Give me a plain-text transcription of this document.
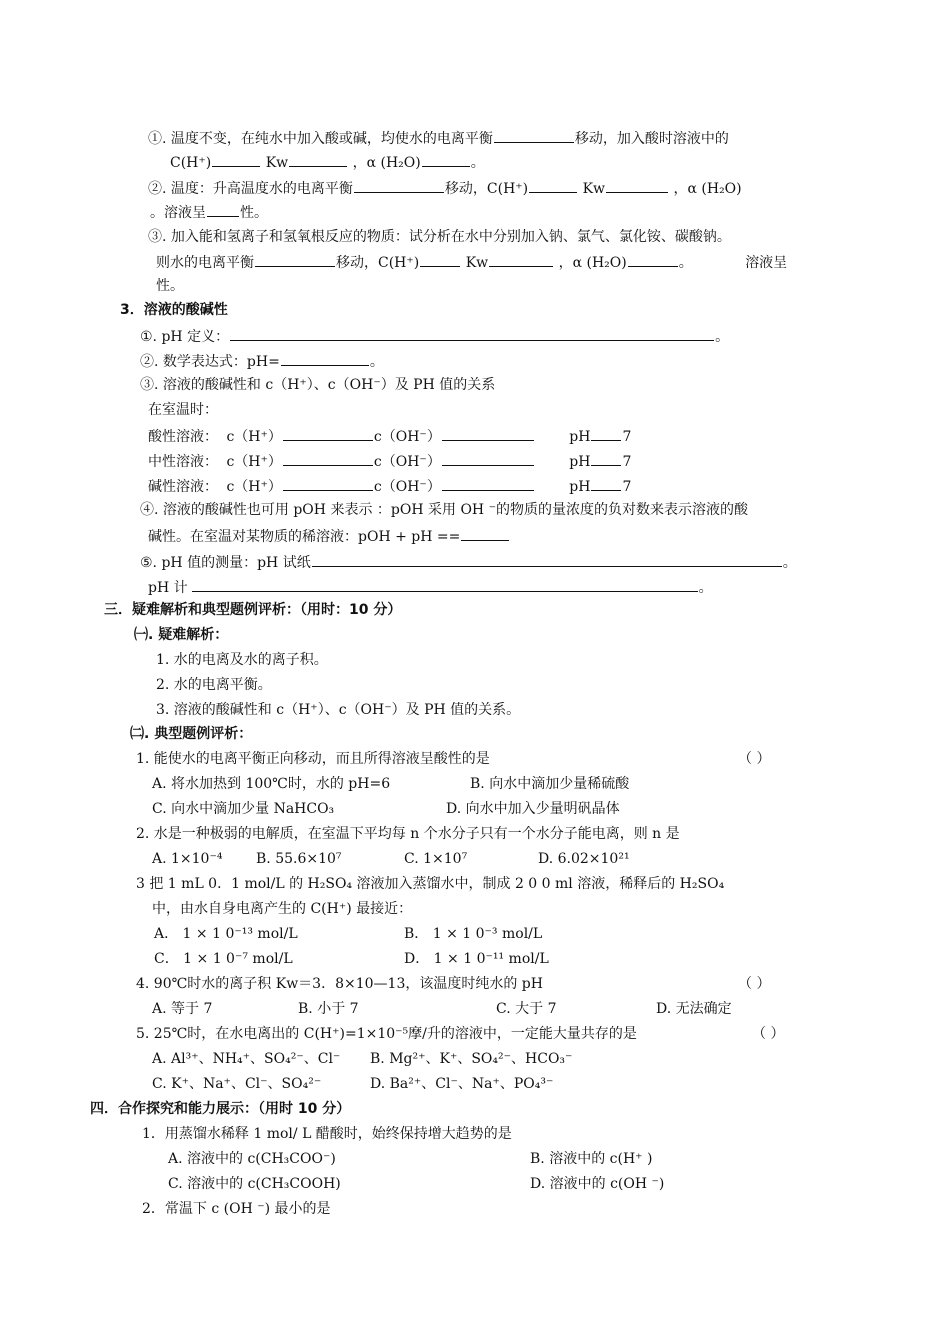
①. 温度不变，在纯水中加入酸或碱，均使水的电离平衡	移动，加入酸时溶液中的
C(H⁺)	Kw	，α (H₂O)	。
②. 温度：升高温度水的电离平衡	移动，C(H⁺)	Kw	，α (H₂O)
。溶液呈 性。
③. 加入能和氢离子和氢氧根反应的物质：试分析在水中分别加入钠、氯气、氯化铵、碳酸钠。
则水的电离平衡	移动，C(H⁺)	Kw	，α (H₂O)	。	溶液呈
性。
3．溶液的酸碱性
①. pH 定义：	。
②. 数学表达式：pH=	。
③. 溶液的酸碱性和 c（H⁺）、c（OH⁻）及 PH 值的关系
在室温时：
酸性溶液： c（H⁺）	c（OH⁻）	pH 7
中性溶液： c（H⁺）	c（OH⁻）	pH 7
碱性溶液： c（H⁺）	c（OH⁻）	pH 7
④. 溶液的酸碱性也可用 pOH 来表示 ：pOH 采用 OH ⁻的物质的量浓度的负对数来表示溶液的酸
碱性。在室温对某物质的稀溶液：pOH + pH ==
⑤. pH 值的测量：pH 试纸	。
pH 计	。
三．疑难解析和典型题例评析：（用时：10 分）
㈠. 疑难解析：
1. 水的电离及水的离子积。
2. 水的电离平衡。
3. 溶液的酸碱性和 c（H⁺）、c（OH⁻）及 PH 值的关系。
㈡. 典型题例评析：
1. 能使水的电离平衡正向移动，而且所得溶液呈酸性的是	（ ）
A. 将水加热到 100℃时，水的 pH=6	B. 向水中滴加少量稀硫酸
C. 向水中滴加少量 NaHCO₃	D. 向水中加入少量明矾晶体
2. 水是一种极弱的电解质，在室温下平均每 n 个水分子只有一个水分子能电离，则 n 是
A. 1×10⁻⁴ B. 55.6×10⁷	C. 1×10⁷	D. 6.02×10²¹
3 把 1 mL 0．1 mol/L 的 H₂SO₄ 溶液加入蒸馏水中，制成 2 0 0 ml 溶液，稀释后的 H₂SO₄
中，由水自身电离产生的 C(H⁺) 最接近：
A． 1 × 1 0⁻¹³ mol/L	B． 1 × 1 0⁻³ mol/L
C． 1 × 1 0⁻⁷ mol/L	D． 1 × 1 0⁻¹¹ mol/L
4. 90℃时水的离子积 Kw＝3．8×10—13，该温度时纯水的 pH	（ ）
A. 等于 7	B. 小于 7	C. 大于 7	D. 无法确定
5. 25℃时，在水电离出的 C(H⁺)=1×10⁻⁵摩/升的溶液中，一定能大量共存的是	（ ）
A. Al³⁺、NH₄⁺、SO₄²⁻、Cl⁻ B. Mg²⁺、K⁺、SO₄²⁻、HCO₃⁻
C. K⁺、Na⁺、Cl⁻、SO₄²⁻	D. Ba²⁺、Cl⁻、Na⁺、PO₄³⁻
四．合作探究和能力展示：（用时 10 分）
1．用蒸馏水稀释 1 mol/ L 醋酸时，始终保持增大趋势的是
A. 溶液中的 c(CH₃COO⁻)	B. 溶液中的 c(H⁺ )
C. 溶液中的 c(CH₃COOH)	D. 溶液中的 c(OH ⁻)
2．常温下 c (OH ⁻) 最小的是
